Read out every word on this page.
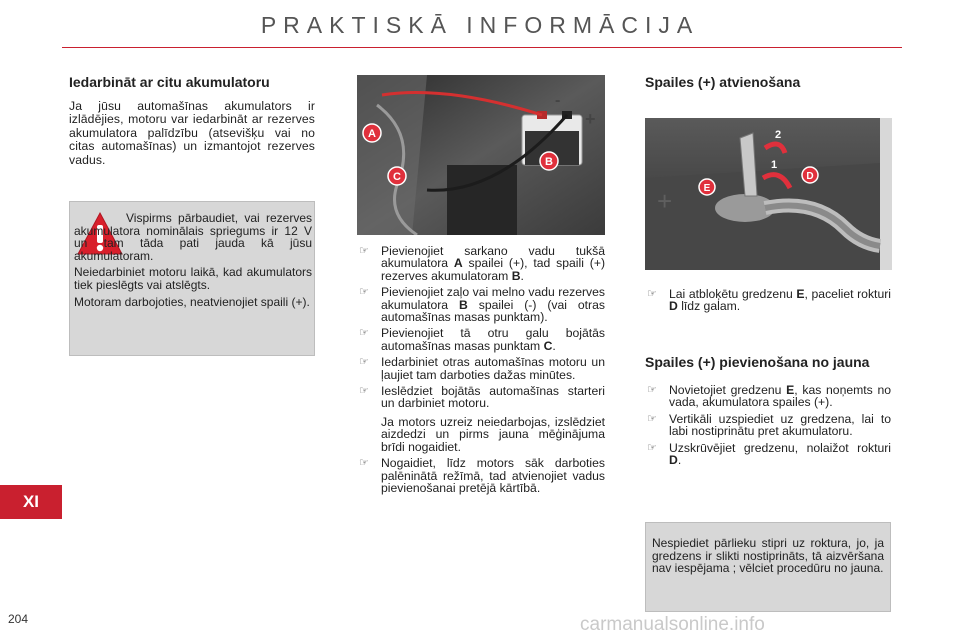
PRAKTISKĀ INFORMĀCIJA
Iedarbināt ar citu akumulatoru

Ja jūsu automašīnas akumulators ir izlādējies, motoru var iedarbināt ar rezerves akumulatora palīdzību (atsevišķu vai no citas automašīnas) un izmantojot rezerves vadus.

Vispirms pārbaudiet, vai rezerves akumulatora nominālais spriegums ir 12 V un tam tāda pati jauda kā jūsu akumulatoram.

Neiedarbiniet motoru laikā, kad akumulators tiek pieslēgts vai atslēgts.

Motoram darbojoties, neatvienojiet spaili (+).

A
B
C
+
-
☞ Pievienojiet sarkano vadu tukšā akumulatora A spailei (+), tad spaili (+) rezerves akumulatoram B.
☞ Pievienojiet zaļo vai melno vadu rezerves akumulatora B spailei (-) (vai otras automašīnas masas punktam).
☞ Pievienojiet tā otru galu bojātās automašīnas masas punktam C.
☞ Iedarbiniet otras automašīnas motoru un ļaujiet tam darboties dažas minūtes.
☞ Ieslēdziet bojātās automašīnas starteri un darbiniet motoru.
Ja motors uzreiz neiedarbojas, izslēdziet aizdedzi un pirms jauna mēģinājuma brīdi nogaidiet.
☞ Nogaidiet, līdz motors sāk darboties palēninātā režīmā, tad atvienojiet vadus pievienošanai pretējā kārtībā.
Spailes (+) atvienošana
+	E
D
2
1
☞ Lai atbloķētu gredzenu E, paceliet rokturi D līdz galam.
Spailes (+) pievienošana no jauna
☞ Novietojiet gredzenu E, kas noņemts no vada, akumulatora spailes (+).
☞ Vertikāli uzspiediet uz gredzena, lai to labi nostiprinātu pret akumulatoru.
☞ Uzskrūvējiet gredzenu, nolaižot rokturi D.

Nespiediet pārlieku stipri uz roktura, jo, ja gredzens ir slikti nostiprināts, tā aizvēršana nav iespējama ; vēlciet procedūru no jauna.

XI
204	carmanualsonline.info
